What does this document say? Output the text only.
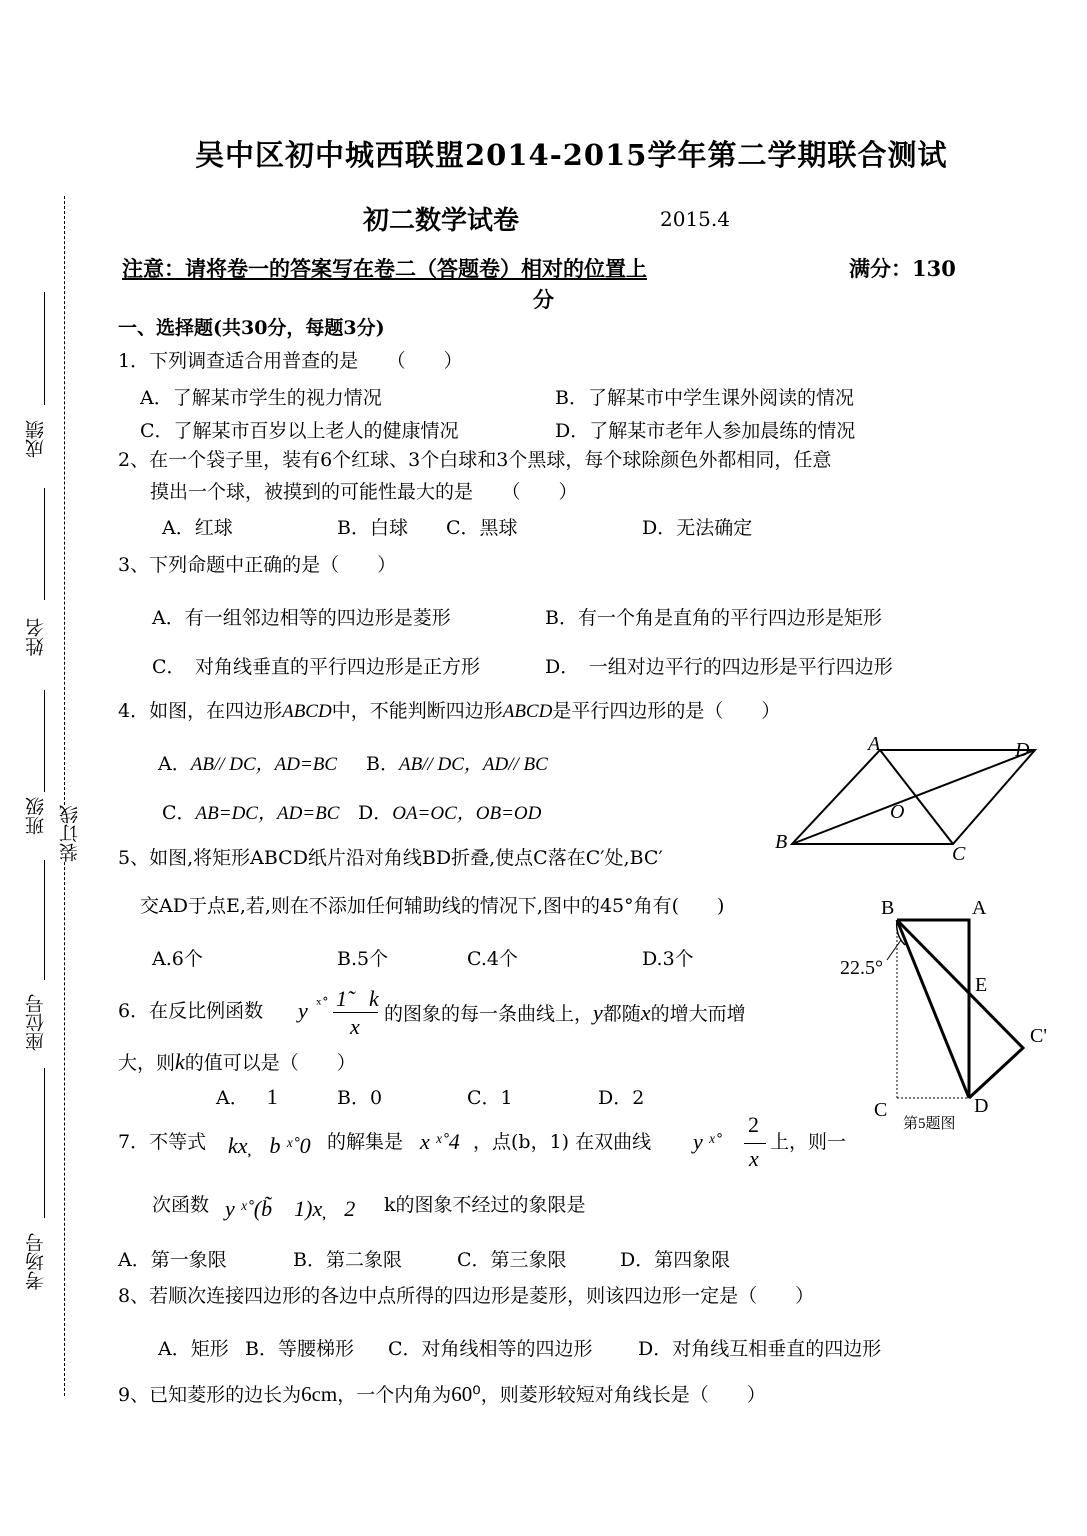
成绩
姓名
班级 装订线
座位号
考场号
吴中区初中城西联盟2014-2015学年第二学期联合测试
初二数学试卷	2015.4
注意：请将卷一的答案写在卷二（答题卷）相对的位置上	满分：130
分
一、选择题(共30分，每题3分)
1．下列调查适合用普查的是　　（　　）
A．了解某市学生的视力情况	B．了解某市中学生课外阅读的情况
C．了解某市百岁以上老人的健康情况	D．了解某市老年人参加晨练的情况
2、在一个袋子里，装有6个红球、3个白球和3个黑球，每个球除颜色外都相同，任意
摸出一个球，被摸到的可能性最大的是　　（　　）
A．红球	B．白球 C．黑球	D．无法确定
3、下列命题中正确的是（　　）
A．有一组邻边相等的四边形是菱形	B．有一个角是直角的平行四边形是矩形
C．　对角线垂直的平行四边形是正方形	D．　一组对边平行的四边形是平行四边形
4．如图，在四边形ABCD中，不能判断四边形ABCD是平行四边形的是（　　）
A．AB// DC，AD=BC B．AB// DC，AD// BC
C．AB=DC，AD=BC D．OA=OC，OB=OD
A	D
B
C
O
5、如图,将矩形ABCD纸片沿对角线BD折叠,使点C落在C′处,BC′
交AD于点E,若,则在不添加任何辅助线的情况下,图中的45°角有(　　)
A.6个	B.5个	C.4个	D.3个
B	A
E
C'
C	D
22.5°
第5题图
6．在反比例函数 y ˣ˚ 1̃　k
x 的图象的每一条曲线上，y都随x的增大而增
大，则k的值可以是（　　）
A． 1	B．0	C．1	D．2
7．不等式 kx̦　b ˣ˚0 的解集是 x ˣ˚4 ，点(b，1) 在双曲线 y ˣ˚
2
x
上，则一
次函数 y ˣ˚(b̃　1)x̦　2 k的图象不经过的象限是
A．第一象限	B．第二象限	C．第三象限	D．第四象限
8、若顺次连接四边形的各边中点所得的四边形是菱形，则该四边形一定是（　　）
A．矩形 B．等腰梯形 C．对角线相等的四边形 D．对角线互相垂直的四边形
9、已知菱形的边长为6cm，一个内角为60⁰，则菱形较短对角线长是（　　）
